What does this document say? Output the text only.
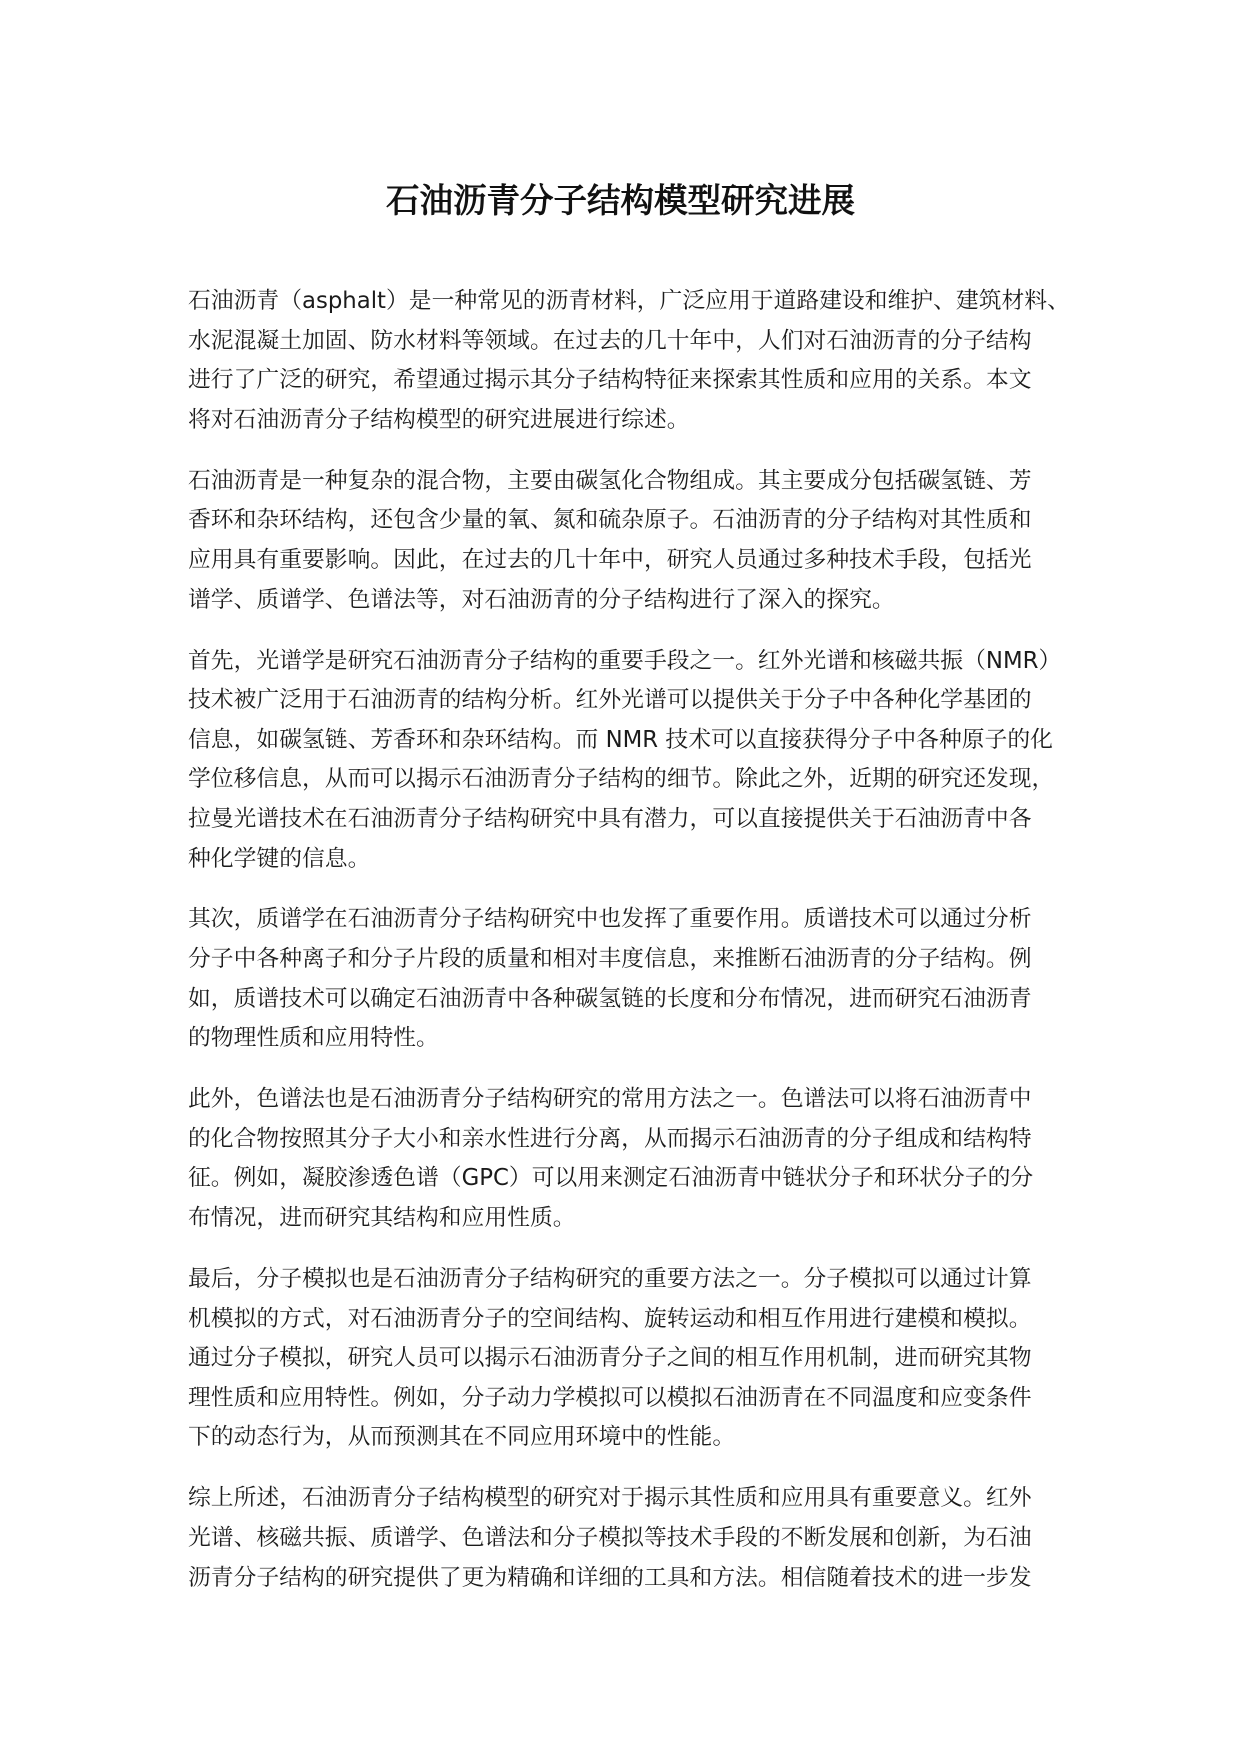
石油沥青分子结构模型研究进展
石油沥青（asphalt）是一种常见的沥青材料，广泛应用于道路建设和维护、建筑材料、
水泥混凝土加固、防水材料等领域。在过去的几十年中，人们对石油沥青的分子结构
进行了广泛的研究，希望通过揭示其分子结构特征来探索其性质和应用的关系。本文
将对石油沥青分子结构模型的研究进展进行综述。
石油沥青是一种复杂的混合物，主要由碳氢化合物组成。其主要成分包括碳氢链、芳
香环和杂环结构，还包含少量的氧、氮和硫杂原子。石油沥青的分子结构对其性质和
应用具有重要影响。因此，在过去的几十年中，研究人员通过多种技术手段，包括光
谱学、质谱学、色谱法等，对石油沥青的分子结构进行了深入的探究。
首先，光谱学是研究石油沥青分子结构的重要手段之一。红外光谱和核磁共振（NMR）
技术被广泛用于石油沥青的结构分析。红外光谱可以提供关于分子中各种化学基团的
信息，如碳氢链、芳香环和杂环结构。而 NMR 技术可以直接获得分子中各种原子的化
学位移信息，从而可以揭示石油沥青分子结构的细节。除此之外，近期的研究还发现，
拉曼光谱技术在石油沥青分子结构研究中具有潜力，可以直接提供关于石油沥青中各
种化学键的信息。
其次，质谱学在石油沥青分子结构研究中也发挥了重要作用。质谱技术可以通过分析
分子中各种离子和分子片段的质量和相对丰度信息，来推断石油沥青的分子结构。例
如，质谱技术可以确定石油沥青中各种碳氢链的长度和分布情况，进而研究石油沥青
的物理性质和应用特性。
此外，色谱法也是石油沥青分子结构研究的常用方法之一。色谱法可以将石油沥青中
的化合物按照其分子大小和亲水性进行分离，从而揭示石油沥青的分子组成和结构特
征。例如，凝胶渗透色谱（GPC）可以用来测定石油沥青中链状分子和环状分子的分
布情况，进而研究其结构和应用性质。
最后，分子模拟也是石油沥青分子结构研究的重要方法之一。分子模拟可以通过计算
机模拟的方式，对石油沥青分子的空间结构、旋转运动和相互作用进行建模和模拟。
通过分子模拟，研究人员可以揭示石油沥青分子之间的相互作用机制，进而研究其物
理性质和应用特性。例如，分子动力学模拟可以模拟石油沥青在不同温度和应变条件
下的动态行为，从而预测其在不同应用环境中的性能。
综上所述，石油沥青分子结构模型的研究对于揭示其性质和应用具有重要意义。红外
光谱、核磁共振、质谱学、色谱法和分子模拟等技术手段的不断发展和创新，为石油
沥青分子结构的研究提供了更为精确和详细的工具和方法。相信随着技术的进一步发
